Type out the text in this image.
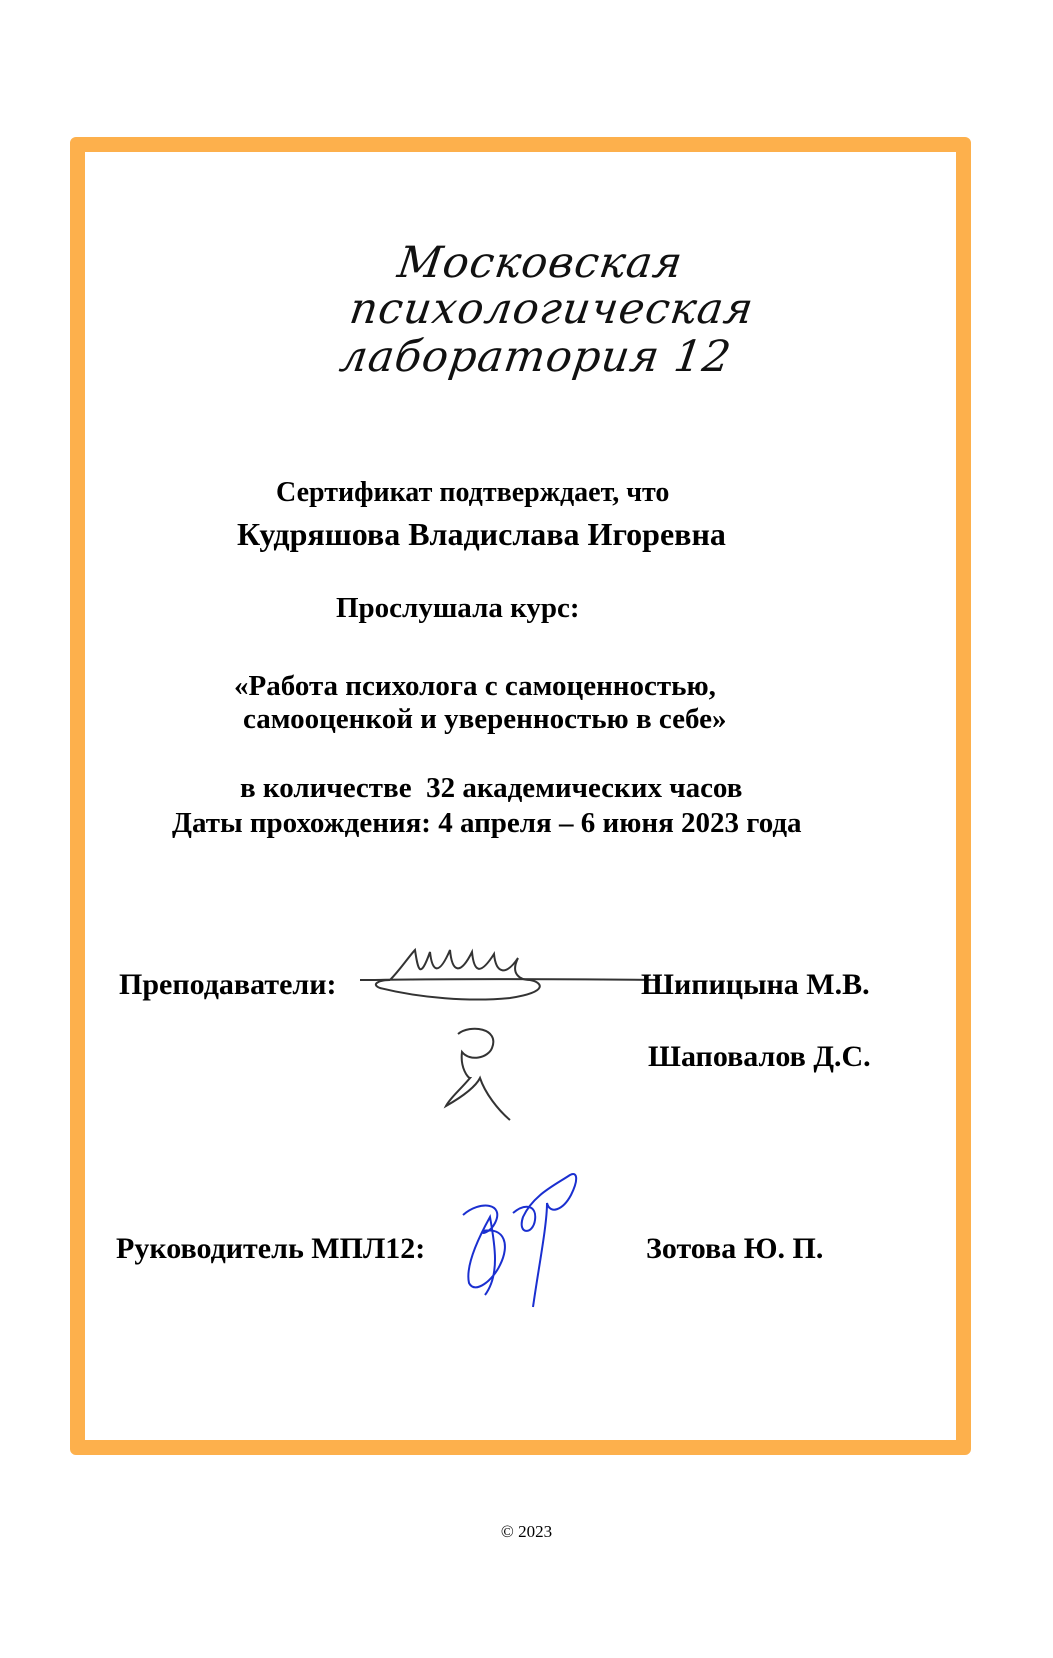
Московская
психологическая
лаборатория 12
Сертификат подтверждает, что
Кудряшова Владислава Игоревна
Прослушала курс:
«Работа психолога с самоценностью,
самооценкой и уверенностью в себе»
в количестве  32 академических часов
Даты прохождения: 4 апреля – 6 июня 2023 года
Преподаватели:	Шипицына М.В.
Шаповалов Д.С.
Руководитель МПЛ12:	Зотова Ю. П.
© 2023
